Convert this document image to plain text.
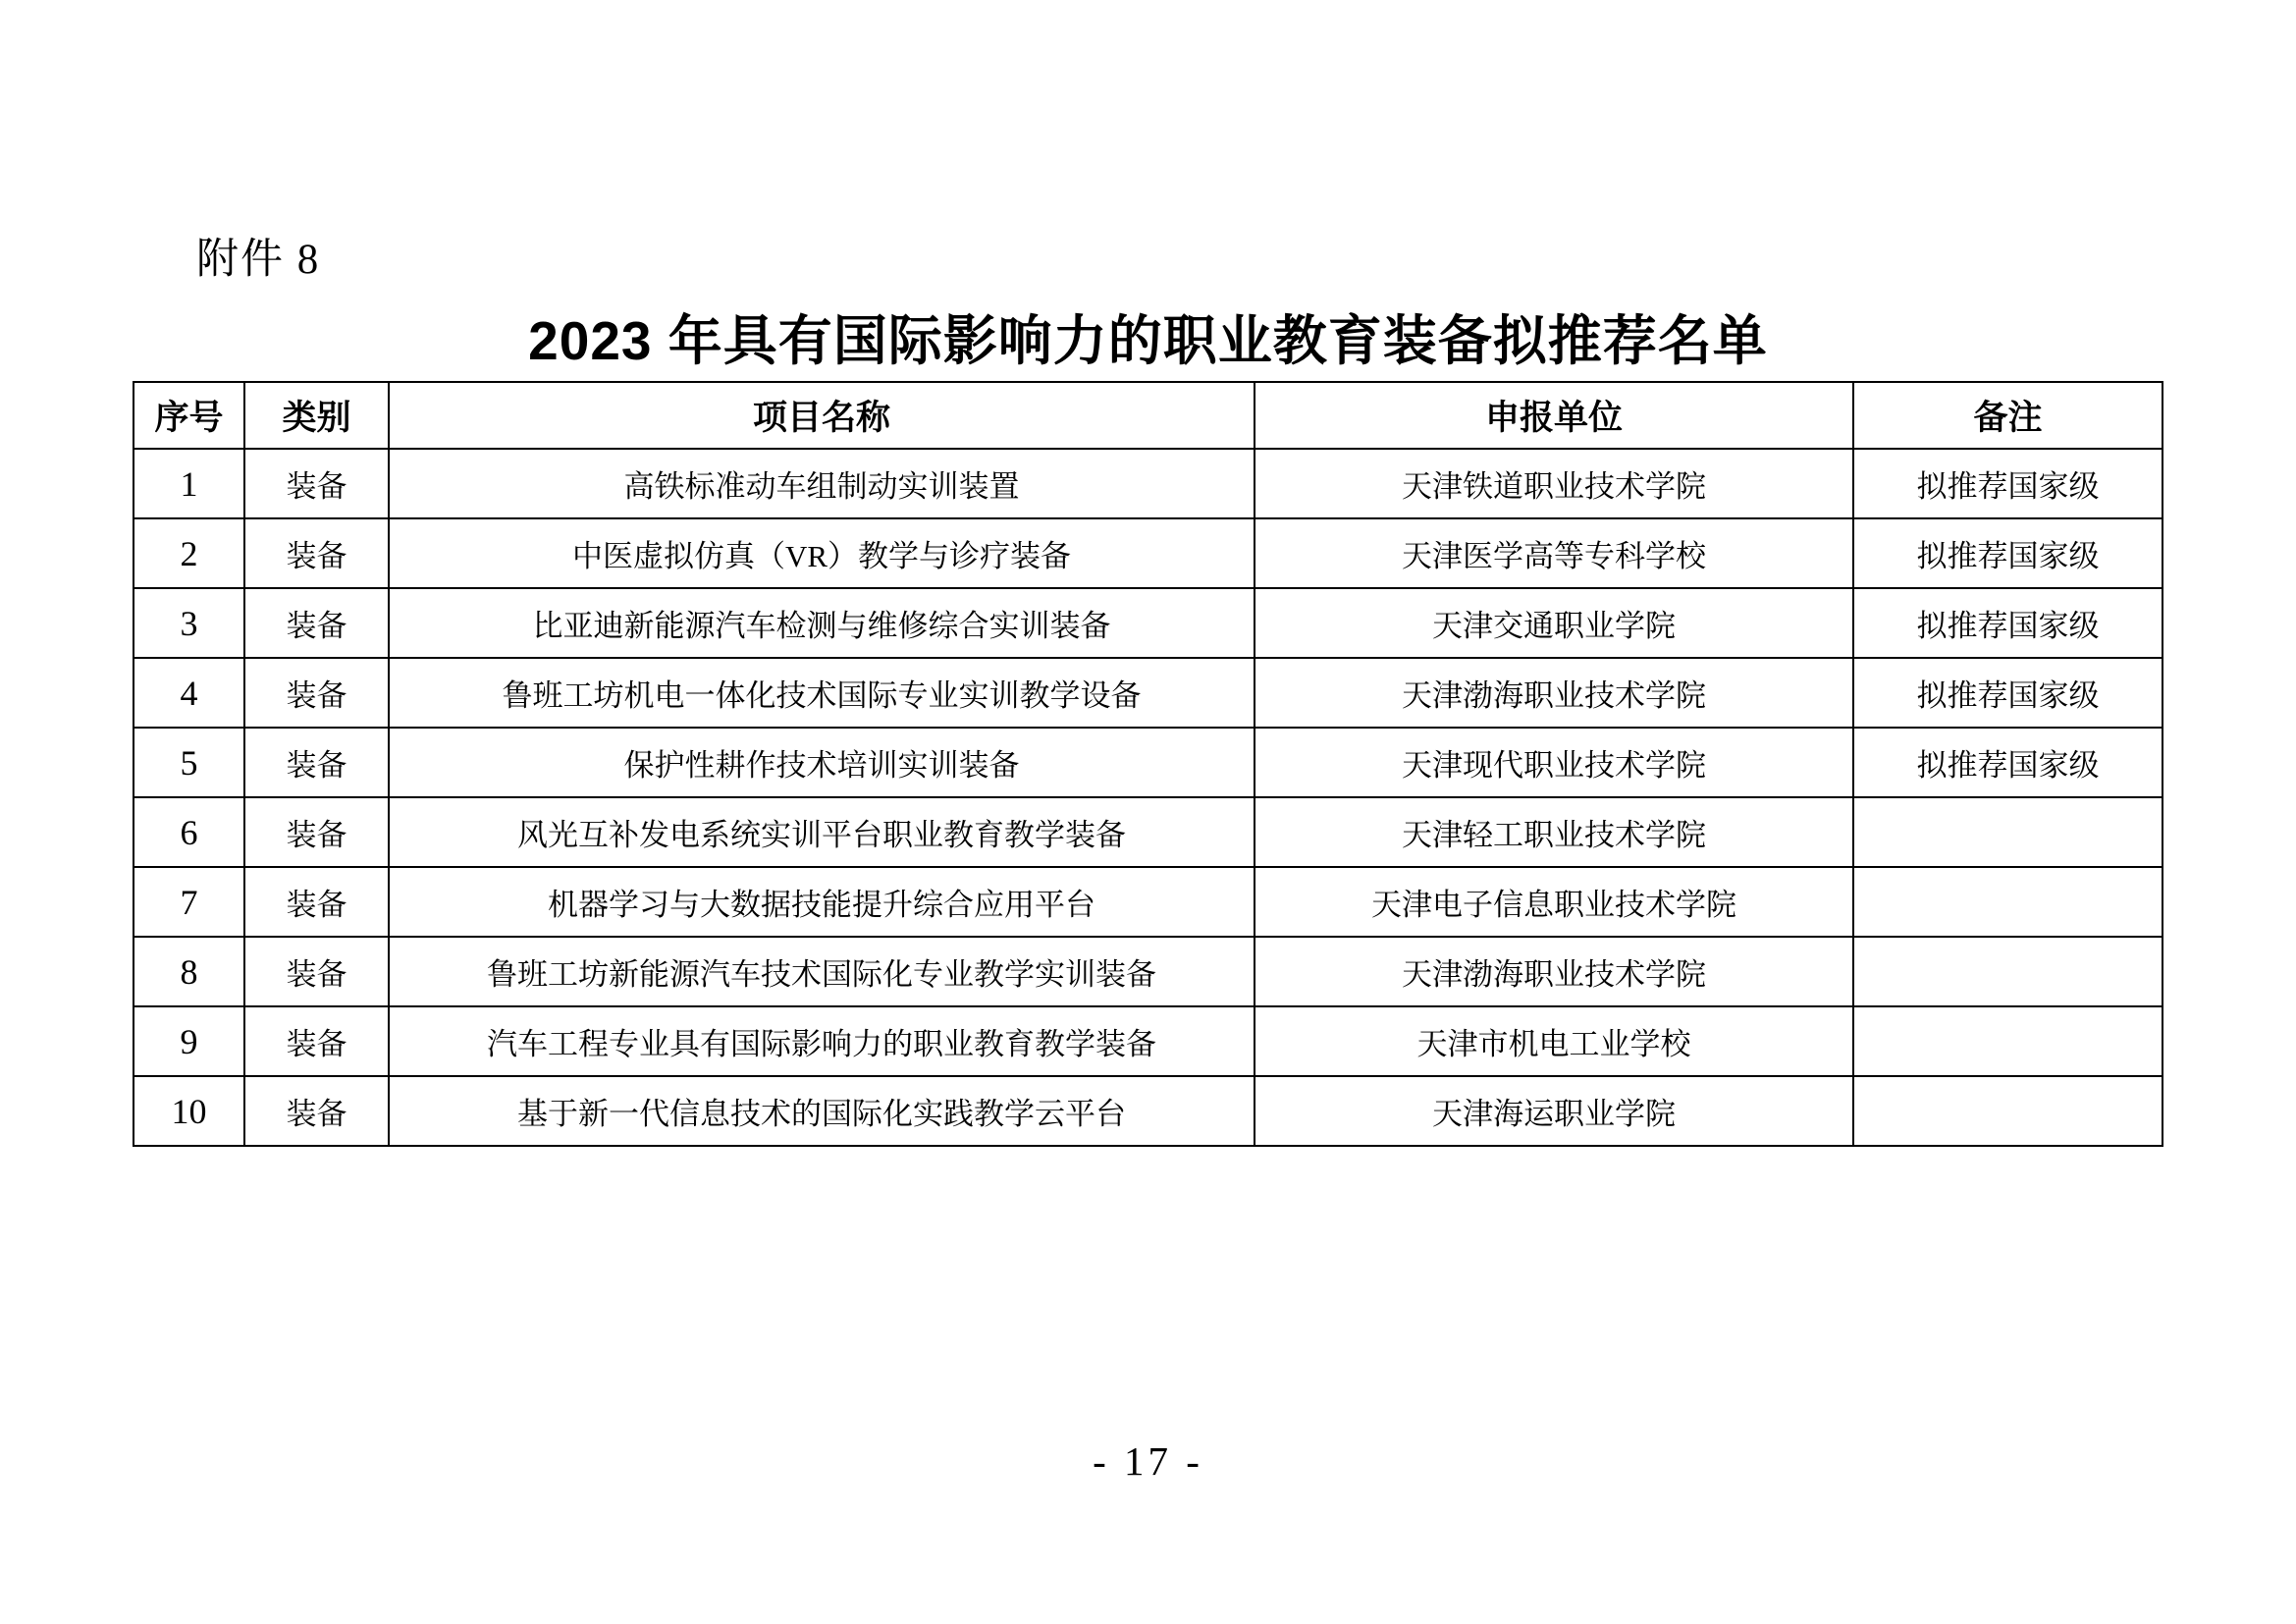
附件 8
2023 年具有国际影响力的职业教育装备拟推荐名单
序号	类别	项目名称	申报单位	备注
1	装备	高铁标准动车组制动实训装置	天津铁道职业技术学院	拟推荐国家级
2	装备	中医虚拟仿真（VR）教学与诊疗装备	天津医学高等专科学校	拟推荐国家级
3	装备	比亚迪新能源汽车检测与维修综合实训装备	天津交通职业学院	拟推荐国家级
4	装备	鲁班工坊机电一体化技术国际专业实训教学设备	天津渤海职业技术学院	拟推荐国家级
5	装备	保护性耕作技术培训实训装备	天津现代职业技术学院	拟推荐国家级
6	装备	风光互补发电系统实训平台职业教育教学装备	天津轻工职业技术学院	
7	装备	机器学习与大数据技能提升综合应用平台	天津电子信息职业技术学院	
8	装备	鲁班工坊新能源汽车技术国际化专业教学实训装备	天津渤海职业技术学院	
9	装备	汽车工程专业具有国际影响力的职业教育教学装备	天津市机电工业学校	
10	装备	基于新一代信息技术的国际化实践教学云平台	天津海运职业学院	
- 17 -
